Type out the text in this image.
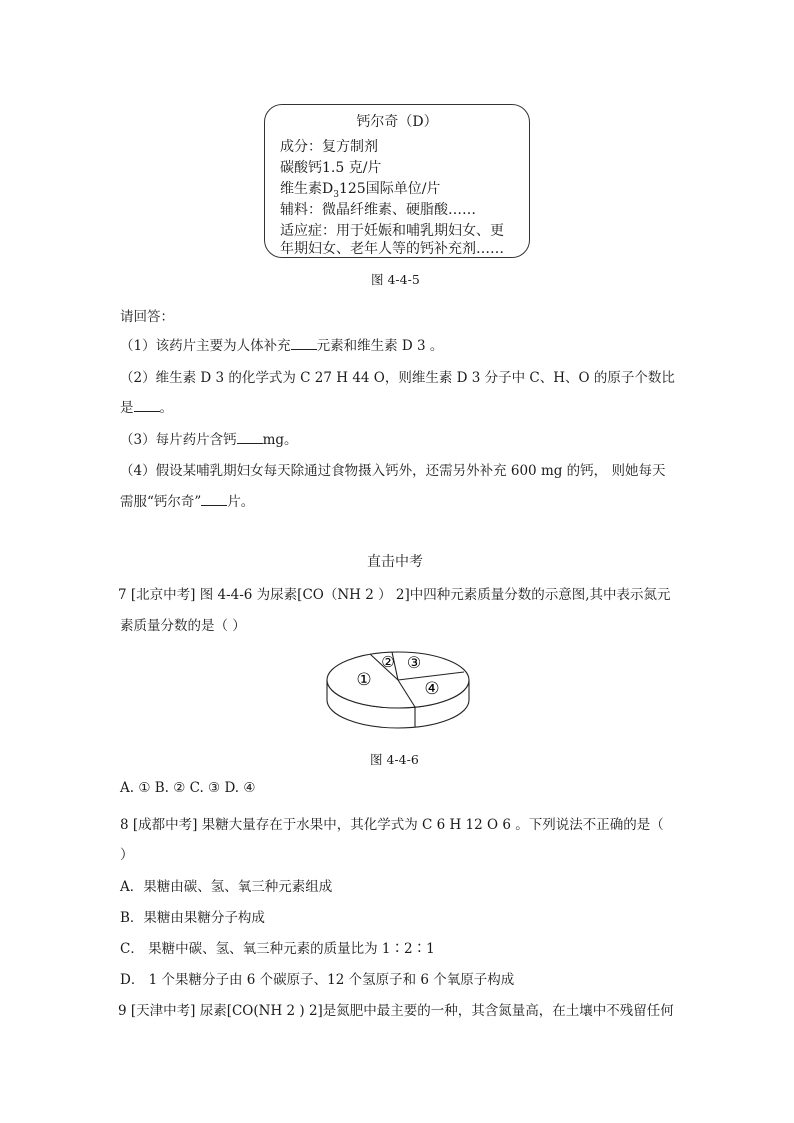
钙尔奇（D）
成分：复方制剂
碳酸钙1.5 克/片
维生素$D_3125$国际单位/片
辅料：微晶纤维素、硬脂酸……
适应症：用于妊娠和哺乳期妇女、更
年期妇女、老年人等的钙补充剂……
图 4-4-5
请回答：
（1）该药片主要为人体补充 元素和维生素 D 3 。
（2）维生素 D 3 的化学式为 C 27 H 44 O，则维生素 D 3 分子中 C、H、O 的原子个数比
是 。
（3）每片药片含钙 mg。
（4）假设某哺乳期妇女每天除通过食物摄入钙外，还需另外补充 600 mg 的钙， 则她每天
需服“钙尔奇” 片。
直击中考
7 [北京中考] 图 4-4-6 为尿素[CO（NH 2 ） 2]中四种元素质量分数的示意图,其中表示氮元
素质量分数的是（ ）
①
② ③
④
图 4-4-6
A. ① B. ② C. ③ D. ④
8 [成都中考] 果糖大量存在于水果中，其化学式为 C 6 H 12 O 6 。下列说法不正确的是（
）
A．果糖由碳、氢、氧三种元素组成
B．果糖由果糖分子构成
C． 果糖中碳、氢、氧三种元素的质量比为 1∶2∶1
D． 1 个果糖分子由 6 个碳原子、12 个氢原子和 6 个氧原子构成
9 [天津中考] 尿素[CO(NH 2 ) 2]是氮肥中最主要的一种，其含氮量高，在土壤中不残留任何
